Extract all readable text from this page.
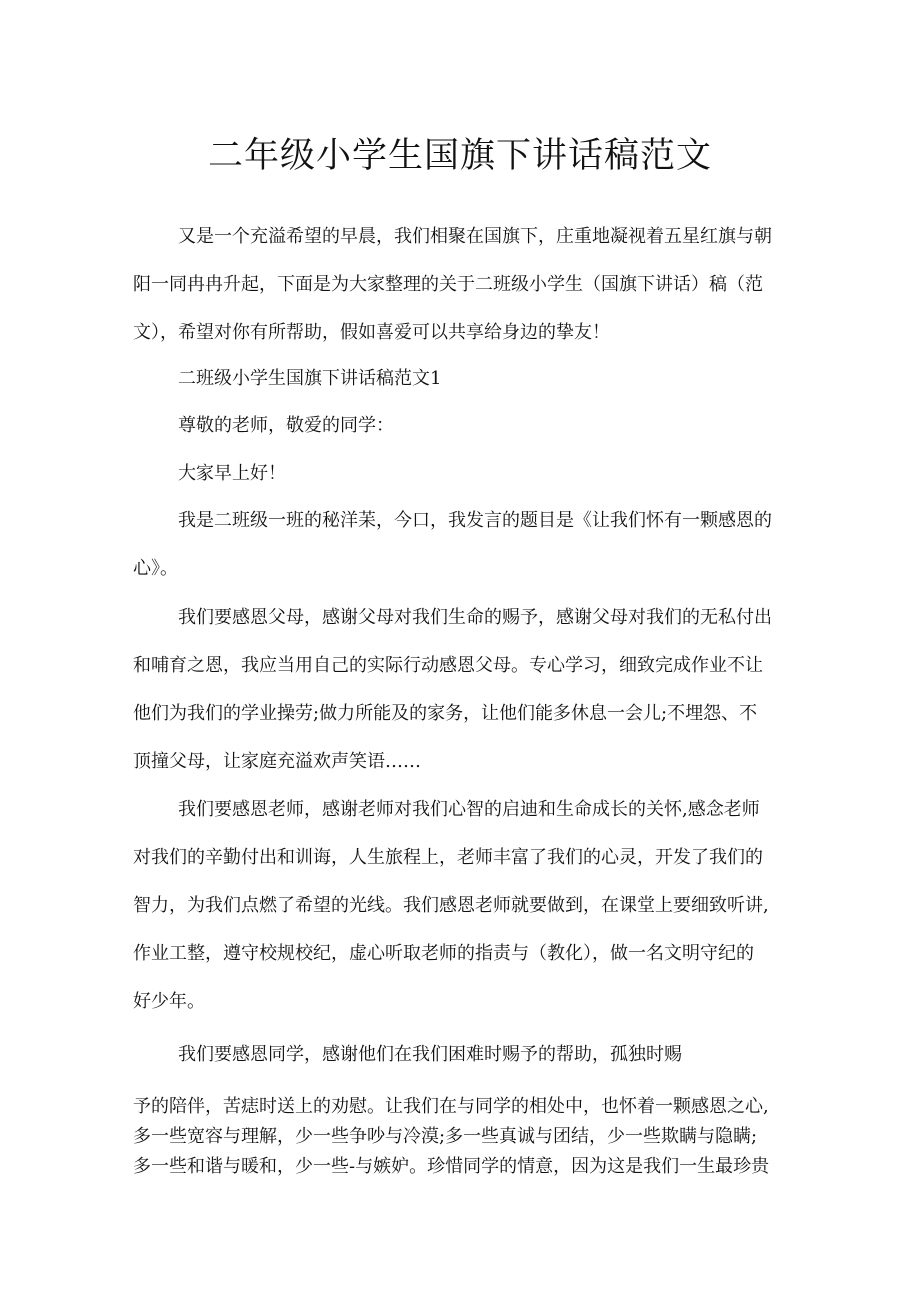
二年级小学生国旗下讲话稿范文
又是一个充溢希望的早晨，我们相聚在国旗下，庄重地凝视着五星红旗与朝
阳一同冉冉升起，下面是为大家整理的关于二班级小学生（国旗下讲话）稿（范
文），希望对你有所帮助，假如喜爱可以共享给身边的挚友！

二班级小学生国旗下讲话稿范文1

尊敬的老师，敬爱的同学：

大家早上好！

我是二班级一班的秘洋苿，今口，我发言的题目是《让我们怀有一颗感恩的
心》。
我们要感恩父母，感谢父母对我们生命的赐予，感谢父母对我们的无私付出
和哺育之恩，我应当用自己的实际行动感恩父母。专心学习，细致完成作业不让
他们为我们的学业操劳;做力所能及的家务，让他们能多休息一会儿;不埋怨、不
顶撞父母，让家庭充溢欢声笑语……
我们要感恩老师，感谢老师对我们心智的启迪和生命成长的关怀,感念老师
对我们的辛勤付出和训诲，人生旅程上，老师丰富了我们的心灵，开发了我们的
智力，为我们点燃了希望的光线。我们感恩老师就要做到，在课堂上要细致听讲,
作业工整，遵守校规校纪，虚心听取老师的指责与（教化），做一名文明守纪的
好少年。

我们要感恩同学，感谢他们在我们困难时赐予的帮助，孤独时赐

予的陪伴，苦痣时送上的劝慰。让我们在与同学的相处中，也怀着一颗感恩之心,
多一些宽容与理解，少一些争吵与冷漠;多一些真诚与团结，少一些欺瞒与隐瞒;
多一些和谐与暖和，少一些-与嫉妒。珍惜同学的情意，因为这是我们一生最珍贵
